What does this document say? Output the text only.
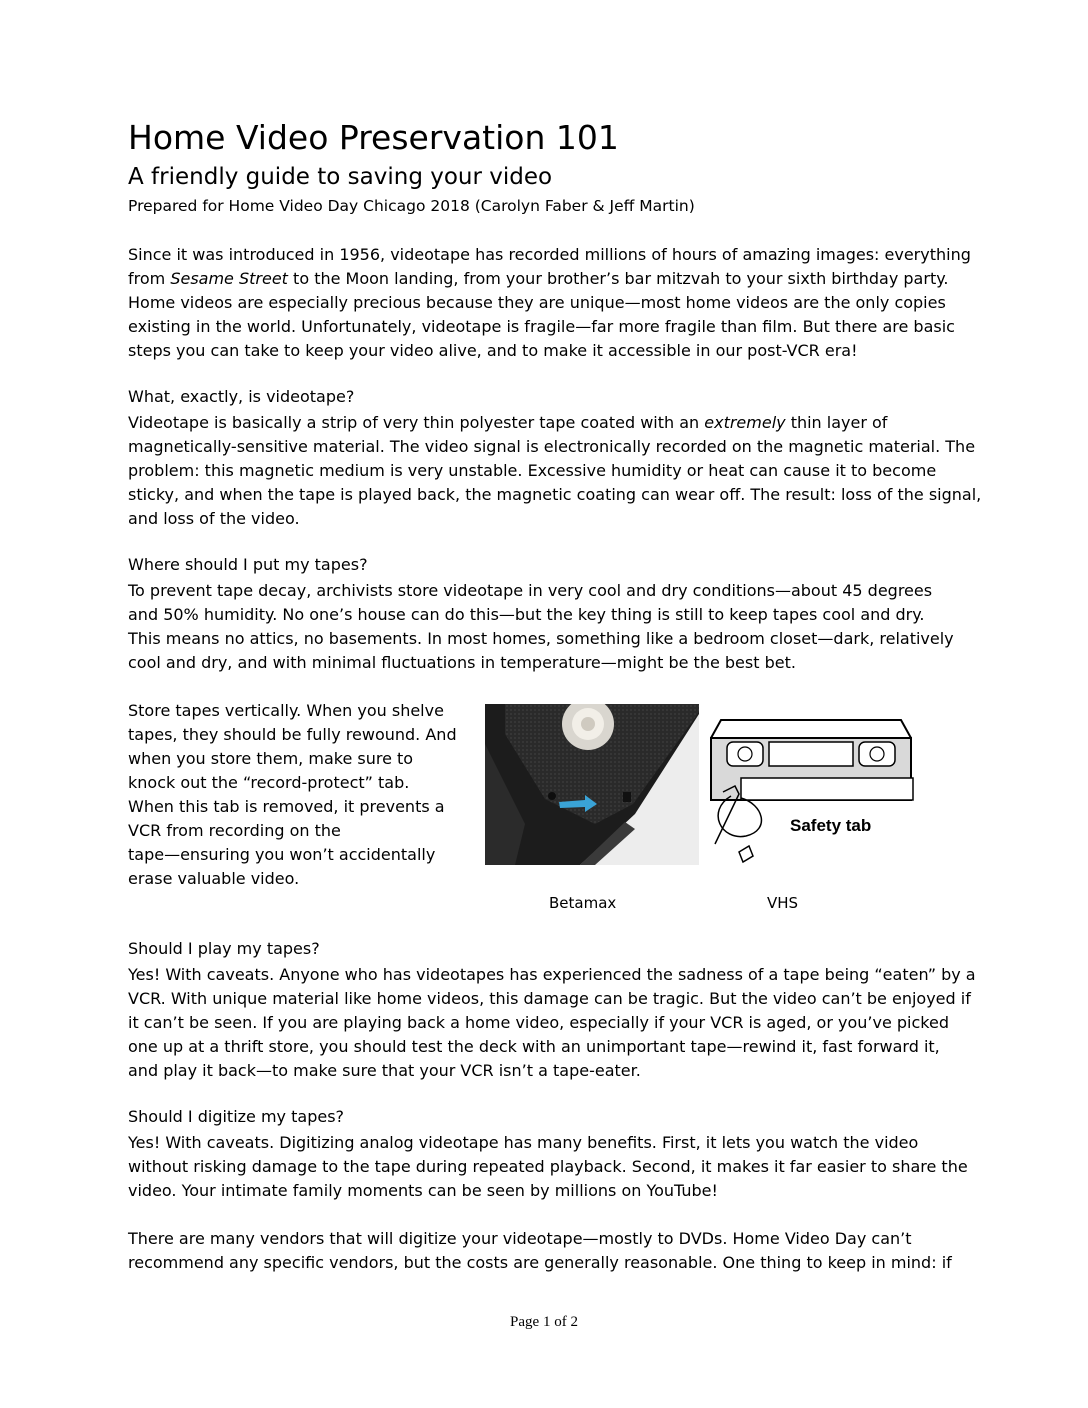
Home Video Preservation 101
A friendly guide to saving your video
Prepared for Home Video Day Chicago 2018 (Carolyn Faber & Jeff Martin)
Since it was introduced in 1956, videotape has recorded millions of hours of amazing images: everything
from Sesame Street to the Moon landing, from your brother’s bar mitzvah to your sixth birthday party.
Home videos are especially precious because they are unique—most home videos are the only copies
existing in the world. Unfortunately, videotape is fragile—far more fragile than film. But there are basic
steps you can take to keep your video alive, and to make it accessible in our post-VCR era!
What, exactly, is videotape?
Videotape is basically a strip of very thin polyester tape coated with an extremely thin layer of
magnetically-sensitive material. The video signal is electronically recorded on the magnetic material. The
problem: this magnetic medium is very unstable. Excessive humidity or heat can cause it to become
sticky, and when the tape is played back, the magnetic coating can wear off. The result: loss of the signal,
and loss of the video.
Where should I put my tapes?
To prevent tape decay, archivists store videotape in very cool and dry conditions—about 45 degrees
and 50% humidity. No one’s house can do this—but the key thing is still to keep tapes cool and dry.
This means no attics, no basements. In most homes, something like a bedroom closet—dark, relatively
cool and dry, and with minimal fluctuations in temperature—might be the best bet.
Store tapes vertically. When you shelve
tapes, they should be fully rewound. And
when you store them, make sure to
knock out the “record-protect” tab.
When this tab is removed, it prevents a
VCR from recording on the
tape—ensuring you won’t accidentally
erase valuable video.
Safety tab
Betamax	VHS
Should I play my tapes?
Yes! With caveats. Anyone who has videotapes has experienced the sadness of a tape being “eaten” by a
VCR. With unique material like home videos, this damage can be tragic. But the video can’t be enjoyed if
it can’t be seen. If you are playing back a home video, especially if your VCR is aged, or you’ve picked
one up at a thrift store, you should test the deck with an unimportant tape—rewind it, fast forward it,
and play it back—to make sure that your VCR isn’t a tape-eater.
Should I digitize my tapes?
Yes! With caveats. Digitizing analog videotape has many benefits. First, it lets you watch the video
without risking damage to the tape during repeated playback. Second, it makes it far easier to share the
video. Your intimate family moments can be seen by millions on YouTube!
There are many vendors that will digitize your videotape—mostly to DVDs. Home Video Day can’t
recommend any specific vendors, but the costs are generally reasonable. One thing to keep in mind: if
Page 1 of 2
